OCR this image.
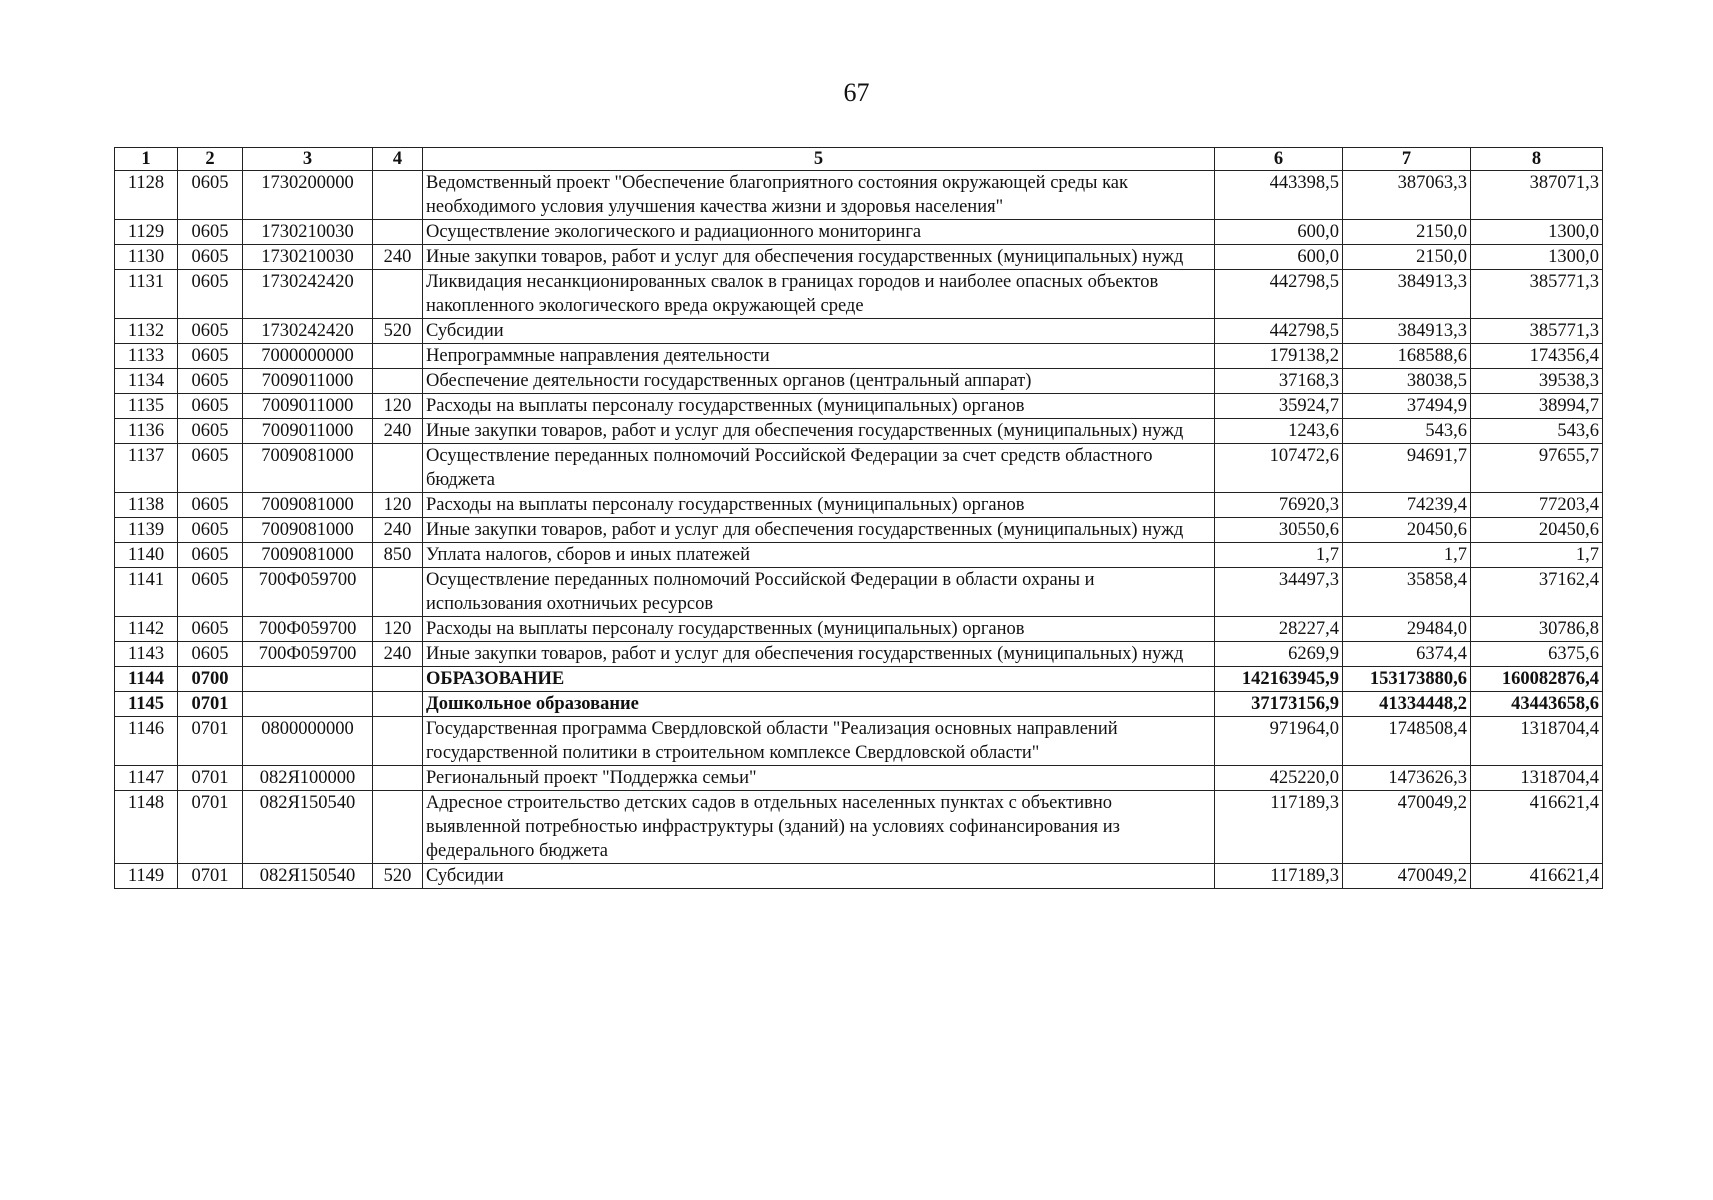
67
1	2	3	4	5	6	7	8
1128	0605	1730200000		Ведомственный проект "Обеспечение благоприятного состояния окружающей среды как необходимого условия улучшения качества жизни и здоровья населения"	443398,5	387063,3	387071,3
1129	0605	1730210030		Осуществление экологического и радиационного мониторинга	600,0	2150,0	1300,0
1130	0605	1730210030	240	Иные закупки товаров, работ и услуг для обеспечения государственных (муниципальных) нужд	600,0	2150,0	1300,0
1131	0605	1730242420		Ликвидация несанкционированных свалок в границах городов и наиболее опасных объектов накопленного экологического вреда окружающей среде	442798,5	384913,3	385771,3
1132	0605	1730242420	520	Субсидии	442798,5	384913,3	385771,3
1133	0605	7000000000		Непрограммные направления деятельности	179138,2	168588,6	174356,4
1134	0605	7009011000		Обеспечение деятельности государственных органов (центральный аппарат)	37168,3	38038,5	39538,3
1135	0605	7009011000	120	Расходы на выплаты персоналу государственных (муниципальных) органов	35924,7	37494,9	38994,7
1136	0605	7009011000	240	Иные закупки товаров, работ и услуг для обеспечения государственных (муниципальных) нужд	1243,6	543,6	543,6
1137	0605	7009081000		Осуществление переданных полномочий Российской Федерации за счет средств областного бюджета	107472,6	94691,7	97655,7
1138	0605	7009081000	120	Расходы на выплаты персоналу государственных (муниципальных) органов	76920,3	74239,4	77203,4
1139	0605	7009081000	240	Иные закупки товаров, работ и услуг для обеспечения государственных (муниципальных) нужд	30550,6	20450,6	20450,6
1140	0605	7009081000	850	Уплата налогов, сборов и иных платежей	1,7	1,7	1,7
1141	0605	700Ф059700		Осуществление переданных полномочий Российской Федерации в области охраны и использования охотничьих ресурсов	34497,3	35858,4	37162,4
1142	0605	700Ф059700	120	Расходы на выплаты персоналу государственных (муниципальных) органов	28227,4	29484,0	30786,8
1143	0605	700Ф059700	240	Иные закупки товаров, работ и услуг для обеспечения государственных (муниципальных) нужд	6269,9	6374,4	6375,6
1144	0700			ОБРАЗОВАНИЕ	142163945,9	153173880,6	160082876,4
1145	0701			Дошкольное образование	37173156,9	41334448,2	43443658,6
1146	0701	0800000000		Государственная программа Свердловской области "Реализация основных направлений государственной политики в строительном комплексе Свердловской области"	971964,0	1748508,4	1318704,4
1147	0701	082Я100000		Региональный проект "Поддержка семьи"	425220,0	1473626,3	1318704,4
1148	0701	082Я150540		Адресное строительство детских садов в отдельных населенных пунктах с объективно выявленной потребностью инфраструктуры (зданий) на условиях софинансирования из федерального бюджета	117189,3	470049,2	416621,4
1149	0701	082Я150540	520	Субсидии	117189,3	470049,2	416621,4
